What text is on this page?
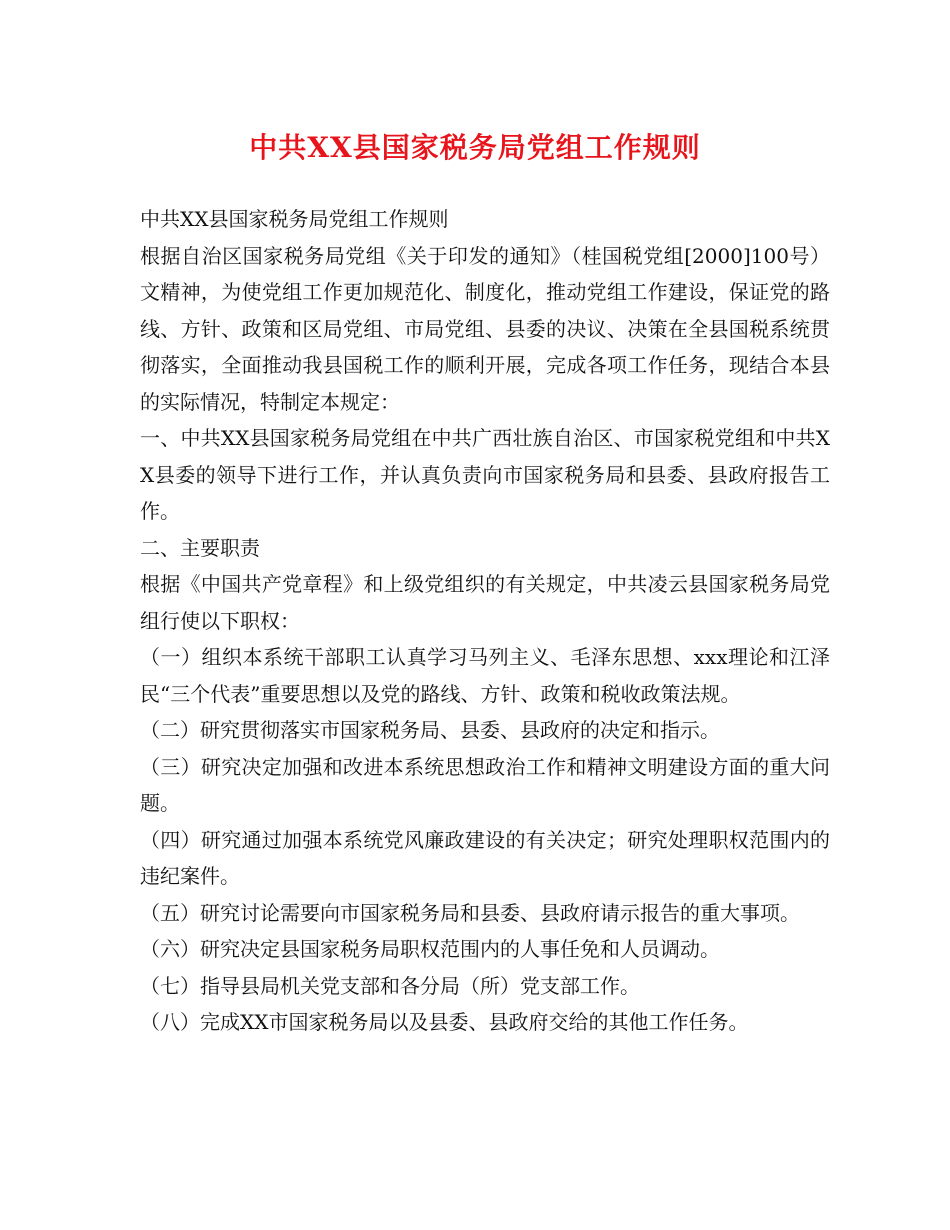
中共XX县国家税务局党组工作规则

中共XX县国家税务局党组工作规则

根据自治区国家税务局党组《关于印发的通知》（桂国税党组[2000]100号）文精神，为使党组工作更加规范化、制度化，推动党组工作建设，保证党的路线、方针、政策和区局党组、市局党组、县委的决议、决策在全县国税系统贯彻落实，全面推动我县国税工作的顺利开展，完成各项工作任务，现结合本县的实际情况，特制定本规定：

一、中共XX县国家税务局党组在中共广西壮族自治区、市国家税党组和中共XX县委的领导下进行工作，并认真负责向市国家税务局和县委、县政府报告工作。

二、主要职责

根据《中国共产党章程》和上级党组织的有关规定，中共凌云县国家税务局党组行使以下职权：

（一）组织本系统干部职工认真学习马列主义、毛泽东思想、xxx理论和江泽民“三个代表”重要思想以及党的路线、方针、政策和税收政策法规。

（二）研究贯彻落实市国家税务局、县委、县政府的决定和指示。

（三）研究决定加强和改进本系统思想政治工作和精神文明建设方面的重大问题。

（四）研究通过加强本系统党风廉政建设的有关决定；研究处理职权范围内的违纪案件。

（五）研究讨论需要向市国家税务局和县委、县政府请示报告的重大事项。

（六）研究决定县国家税务局职权范围内的人事任免和人员调动。

（七）指导县局机关党支部和各分局（所）党支部工作。

（八）完成XX市国家税务局以及县委、县政府交给的其他工作任务。
